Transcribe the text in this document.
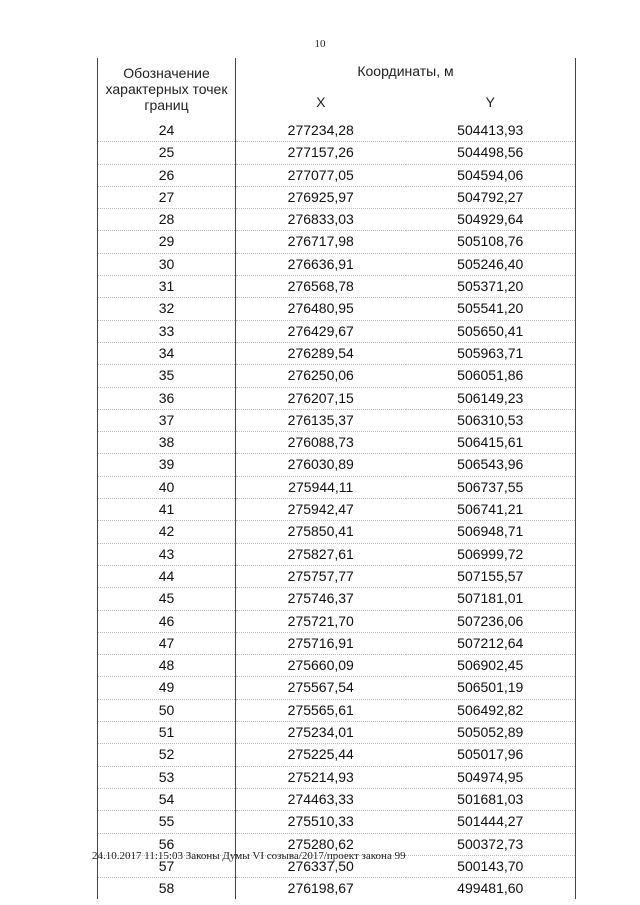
10
Обозначение
характерных точек
границ	Координаты, м	
	X	Y
24	277234,28	504413,93
25	277157,26	504498,56
26	277077,05	504594,06
27	276925,97	504792,27
28	276833,03	504929,64
29	276717,98	505108,76
30	276636,91	505246,40
31	276568,78	505371,20
32	276480,95	505541,20
33	276429,67	505650,41
34	276289,54	505963,71
35	276250,06	506051,86
36	276207,15	506149,23
37	276135,37	506310,53
38	276088,73	506415,61
39	276030,89	506543,96
40	275944,11	506737,55
41	275942,47	506741,21
42	275850,41	506948,71
43	275827,61	506999,72
44	275757,77	507155,57
45	275746,37	507181,01
46	275721,70	507236,06
47	275716,91	507212,64
48	275660,09	506902,45
49	275567,54	506501,19
50	275565,61	506492,82
51	275234,01	505052,89
52	275225,44	505017,96
53	275214,93	504974,95
54	274463,33	501681,03
55	275510,33	501444,27
56	275280,62	500372,73
57	276337,50	500143,70
58	276198,67	499481,60
24.10.2017 11:15:03 Законы Думы VI созыва/2017/проект закона 99
